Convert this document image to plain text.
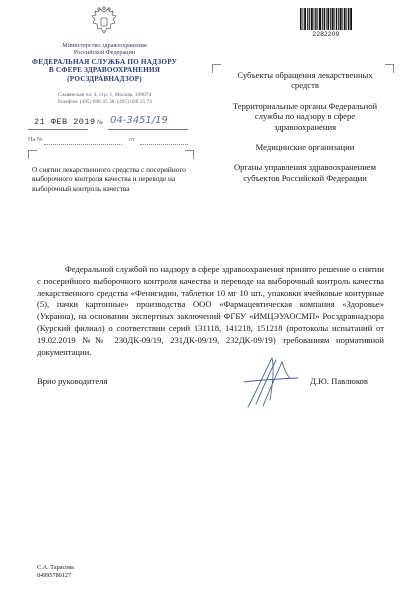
Министерство здравоохранения
Российской Федерации
ФЕДЕРАЛЬНАЯ СЛУЖБА ПО НАДЗОРУ
В СФЕРЕ ЗДРАВООХРАНЕНИЯ
(РОСЗДРАВНАДЗОР)
Славянская пл. 4, стр. 1, Москва, 109074
Телефон: (495) 698 45 38; (495) 698 15 74
21 ФЕВ 2019 № 04-3451/19
На №	от
О снятии лекарственного средства с посерийного выборочного контроля качества и переводе на выборочный контроль качества
2282209
Субъекты обращения лекарственных средств
Территориальные органы Федеральной службы по надзору в сфере здравоохранения
Медицинские организации
Органы управления здравоохранением субъектов Российской Федерации
Федеральной службой по надзору в сфере здравоохранения принято решение о снятии с посерийного выборочного контроля качества и переводе на выборочный контроль качества лекарственного средства «Фенигидин, таблетки 10 мг 10 шт., упаковки ячейковые контурные (5), пачки картонные» производства ООО «Фармацевтическая компания «Здоровье» (Украина), на основании экспертных заключений ФГБУ «ИМЦЭУАОСМП» Росздравнадзора (Курский филиал) о соответствии серий 131118, 141218, 151218 (протоколы испытаний от 19.02.2019 №№ 230ДК-09/19, 231ДК-09/19, 232ДК-09/19) требованиям нормативной документации.
Врио руководителя	Д.Ю. Павлюков
С.А. Тарасова
84995780127
